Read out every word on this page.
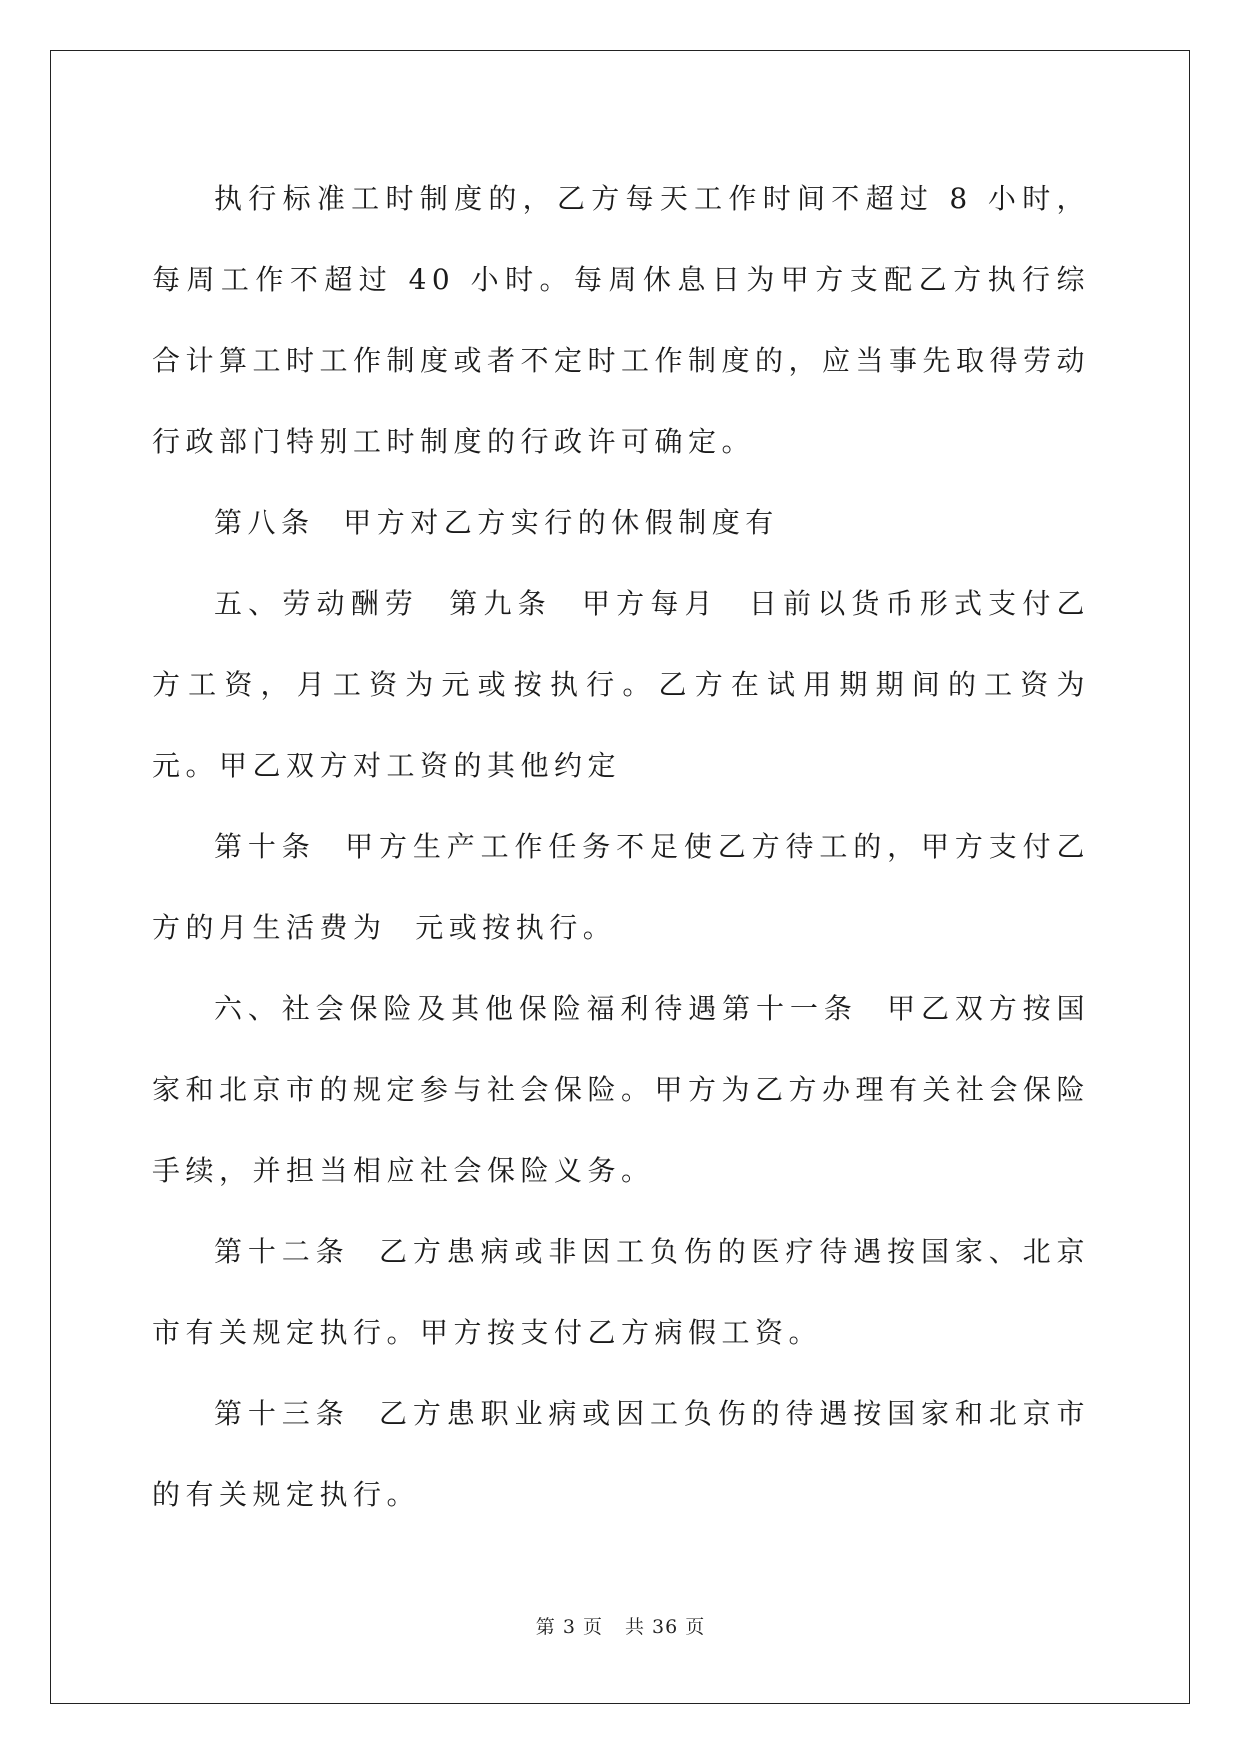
执行标准工时制度的，乙方每天工作时间不超过 8 小时，每周工作不超过 40 小时。每周休息日为甲方支配乙方执行综合计算工时工作制度或者不定时工作制度的，应当事先取得劳动行政部门特别工时制度的行政许可确定。

第八条  甲方对乙方实行的休假制度有

五、劳动酬劳  第九条  甲方每月  日前以货币形式支付乙方工资，月工资为元或按执行。乙方在试用期期间的工资为  元。甲乙双方对工资的其他约定

第十条  甲方生产工作任务不足使乙方待工的，甲方支付乙方的月生活费为  元或按执行。

六、社会保险及其他保险福利待遇第十一条  甲乙双方按国家和北京市的规定参与社会保险。甲方为乙方办理有关社会保险手续，并担当相应社会保险义务。

第十二条  乙方患病或非因工负伤的医疗待遇按国家、北京市有关规定执行。甲方按支付乙方病假工资。

第十三条  乙方患职业病或因工负伤的待遇按国家和北京市的有关规定执行。

第 3 页 共 36 页
